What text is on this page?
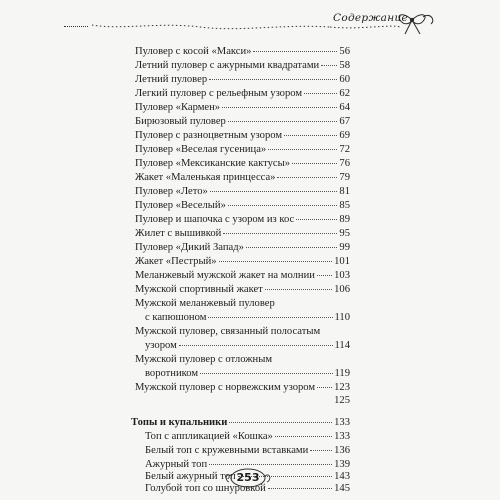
Содержание
Пуловер с косой «Макси»	56
Летний пуловер с ажурными квадратами 58
Летний пуловер	60
Легкий пуловер с рельефным узором	62
Пуловер «Кармен»	64
Бирюзовый пуловер	67
Пуловер с разноцветным узором	69
Пуловер «Веселая гусеница»	72
Пуловер «Мексиканские кактусы»	76
Жакет «Маленькая принцесса»	79
Пуловер «Лето»	81
Пуловер «Веселый»	85
Пуловер и шапочка с узором из кос	89
Жилет с вышивкой	95
Пуловер «Дикий Запад»	99
Жакет «Пестрый»	101
Меланжевый мужской жакет на молнии 103
Мужской спортивный жакет	106
Мужской меланжевый пуловер
с капюшоном	110
Мужской пуловер, связанный полосатым
узором	114
Мужской пуловер с отложным
воротником	119
Мужской пуловер с норвежским узором 123
125
Топы и купальники	133
Топ с аппликацией «Кошка»	133
Белый топ с кружевными вставками 136
Ажурный топ	139
Белый ажурный топ	143
Голубой топ со шнуровкой	145
253
